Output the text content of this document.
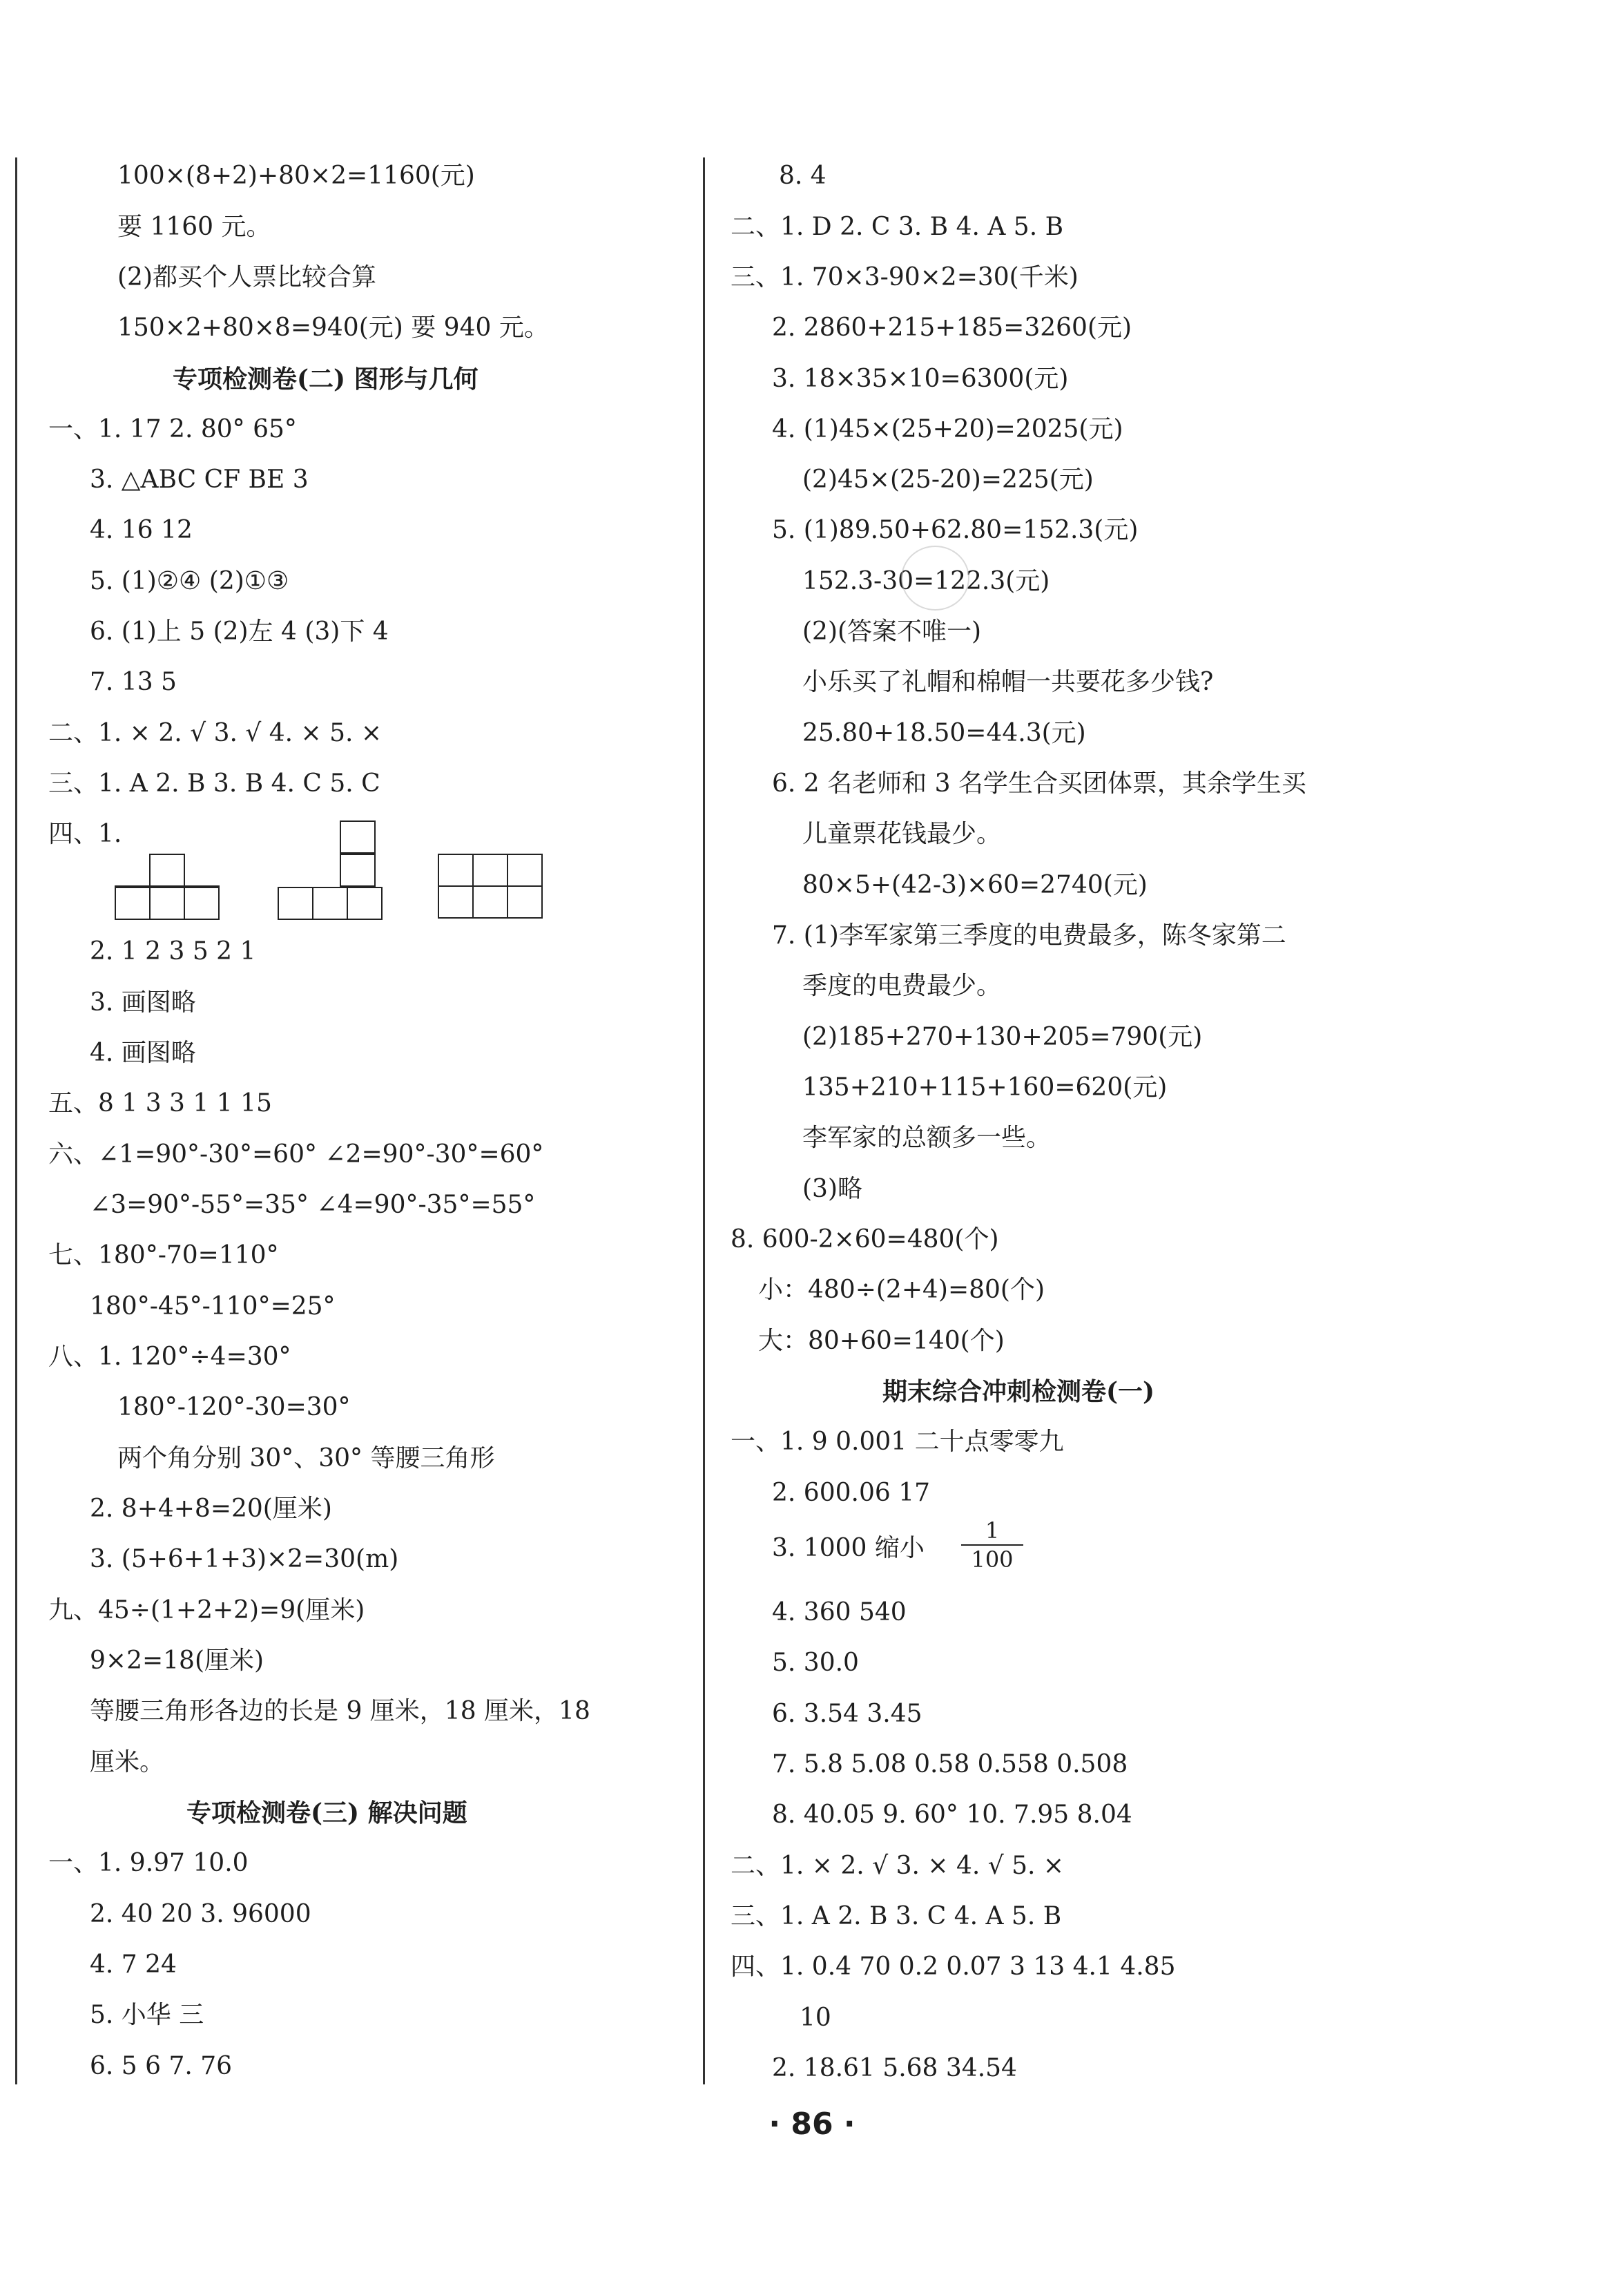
100×(8+2)+80×2=1160(元)
要 1160 元。
(2)都买个人票比较合算
150×2+80×8=940(元) 要 940 元。
专项检测卷(二) 图形与几何
一、1. 17 2. 80° 65°
3. △ABC CF BE 3
4. 16 12
5. (1)②④ (2)①③
6. (1)上 5 (2)左 4 (3)下 4
7. 13 5
二、1. × 2. √ 3. √ 4. × 5. ×
三、1. A 2. B 3. B 4. C 5. C
四、1.
2. 1 2 3 5 2 1
3. 画图略
4. 画图略
五、8 1 3 3 1 1 15
六、∠1=90°-30°=60° ∠2=90°-30°=60°
∠3=90°-55°=35° ∠4=90°-35°=55°
七、180°-70=110°
180°-45°-110°=25°
八、1. 120°÷4=30°
180°-120°-30=30°
两个角分别 30°、30° 等腰三角形
2. 8+4+8=20(厘米)
3. (5+6+1+3)×2=30(m)
九、45÷(1+2+2)=9(厘米)
9×2=18(厘米)
等腰三角形各边的长是 9 厘米，18 厘米，18
厘米。
专项检测卷(三) 解决问题
一、1. 9.97 10.0
2. 40 20 3. 96000
4. 7 24
5. 小华 三
6. 5 6 7. 76
8. 4
二、1. D 2. C 3. B 4. A 5. B
三、1. 70×3-90×2=30(千米)
2. 2860+215+185=3260(元)
3. 18×35×10=6300(元)
4. (1)45×(25+20)=2025(元)
(2)45×(25-20)=225(元)
5. (1)89.50+62.80=152.3(元)
152.3-30=122.3(元)
(2)(答案不唯一)
小乐买了礼帽和棉帽一共要花多少钱?
25.80+18.50=44.3(元)
6. 2 名老师和 3 名学生合买团体票，其余学生买
儿童票花钱最少。
80×5+(42-3)×60=2740(元)
7. (1)李军家第三季度的电费最多，陈冬家第二
季度的电费最少。
(2)185+270+130+205=790(元)
135+210+115+160=620(元)
李军家的总额多一些。
(3)略
8. 600-2×60=480(个)
小：480÷(2+4)=80(个)
大：80+60=140(个)
期末综合冲刺检测卷(一)
一、1. 9 0.001 二十点零零九
2. 600.06 17
3. 1000 缩小
1
100
4. 360 540
5. 30.0
6. 3.54 3.45
7. 5.8 5.08 0.58 0.558 0.508
8. 40.05 9. 60° 10. 7.95 8.04
二、1. × 2. √ 3. × 4. √ 5. ×
三、1. A 2. B 3. C 4. A 5. B
四、1. 0.4 70 0.2 0.07 3 13 4.1 4.85
10
2. 18.61 5.68 34.54
· 86 ·
